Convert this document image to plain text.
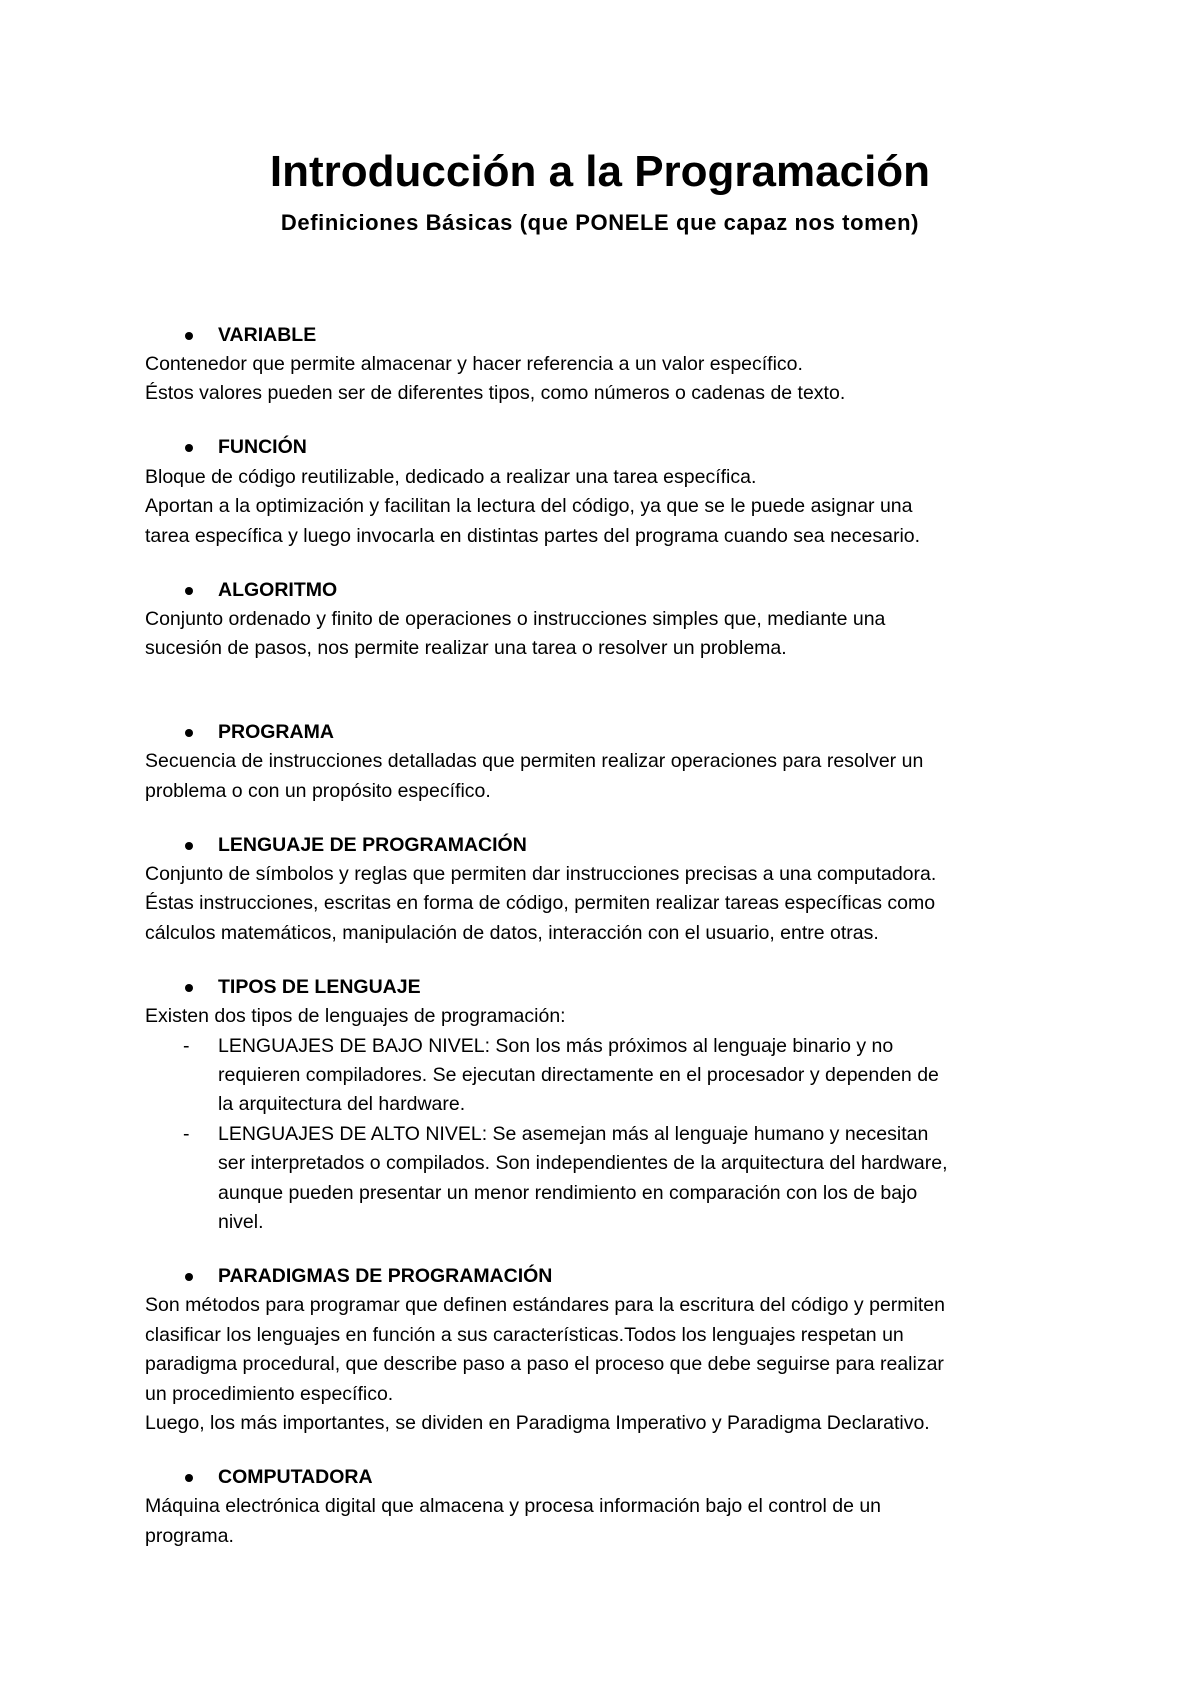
Introducción a la Programación
Definiciones Básicas (que PONELE que capaz nos tomen)
VARIABLE
Contenedor que permite almacenar y hacer referencia a un valor específico.
Éstos valores pueden ser de diferentes tipos, como números o cadenas de texto.
FUNCIÓN
Bloque de código reutilizable, dedicado a realizar una tarea específica.
Aportan a la optimización y facilitan la lectura del código, ya que se le puede asignar una
tarea específica y luego invocarla en distintas partes del programa cuando sea necesario.
ALGORITMO
Conjunto ordenado y finito de operaciones o instrucciones simples que, mediante una
sucesión de pasos, nos permite realizar una tarea o resolver un problema.
PROGRAMA
Secuencia de instrucciones detalladas que permiten realizar operaciones para resolver un
problema o con un propósito específico.
LENGUAJE DE PROGRAMACIÓN
Conjunto de símbolos y reglas que permiten dar instrucciones precisas a una computadora.
Éstas instrucciones, escritas en forma de código, permiten realizar tareas específicas como
cálculos matemáticos, manipulación de datos, interacción con el usuario, entre otras.
TIPOS DE LENGUAJE
Existen dos tipos de lenguajes de programación:
- LENGUAJES DE BAJO NIVEL: Son los más próximos al lenguaje binario y no
requieren compiladores. Se ejecutan directamente en el procesador y dependen de
la arquitectura del hardware.
- LENGUAJES DE ALTO NIVEL: Se asemejan más al lenguaje humano y necesitan
ser interpretados o compilados. Son independientes de la arquitectura del hardware,
aunque pueden presentar un menor rendimiento en comparación con los de bajo
nivel.
PARADIGMAS DE PROGRAMACIÓN
Son métodos para programar que definen estándares para la escritura del código y permiten
clasificar los lenguajes en función a sus características.Todos los lenguajes respetan un
paradigma procedural, que describe paso a paso el proceso que debe seguirse para realizar
un procedimiento específico.
Luego, los más importantes, se dividen en Paradigma Imperativo y Paradigma Declarativo.
COMPUTADORA
Máquina electrónica digital que almacena y procesa información bajo el control de un
programa.
